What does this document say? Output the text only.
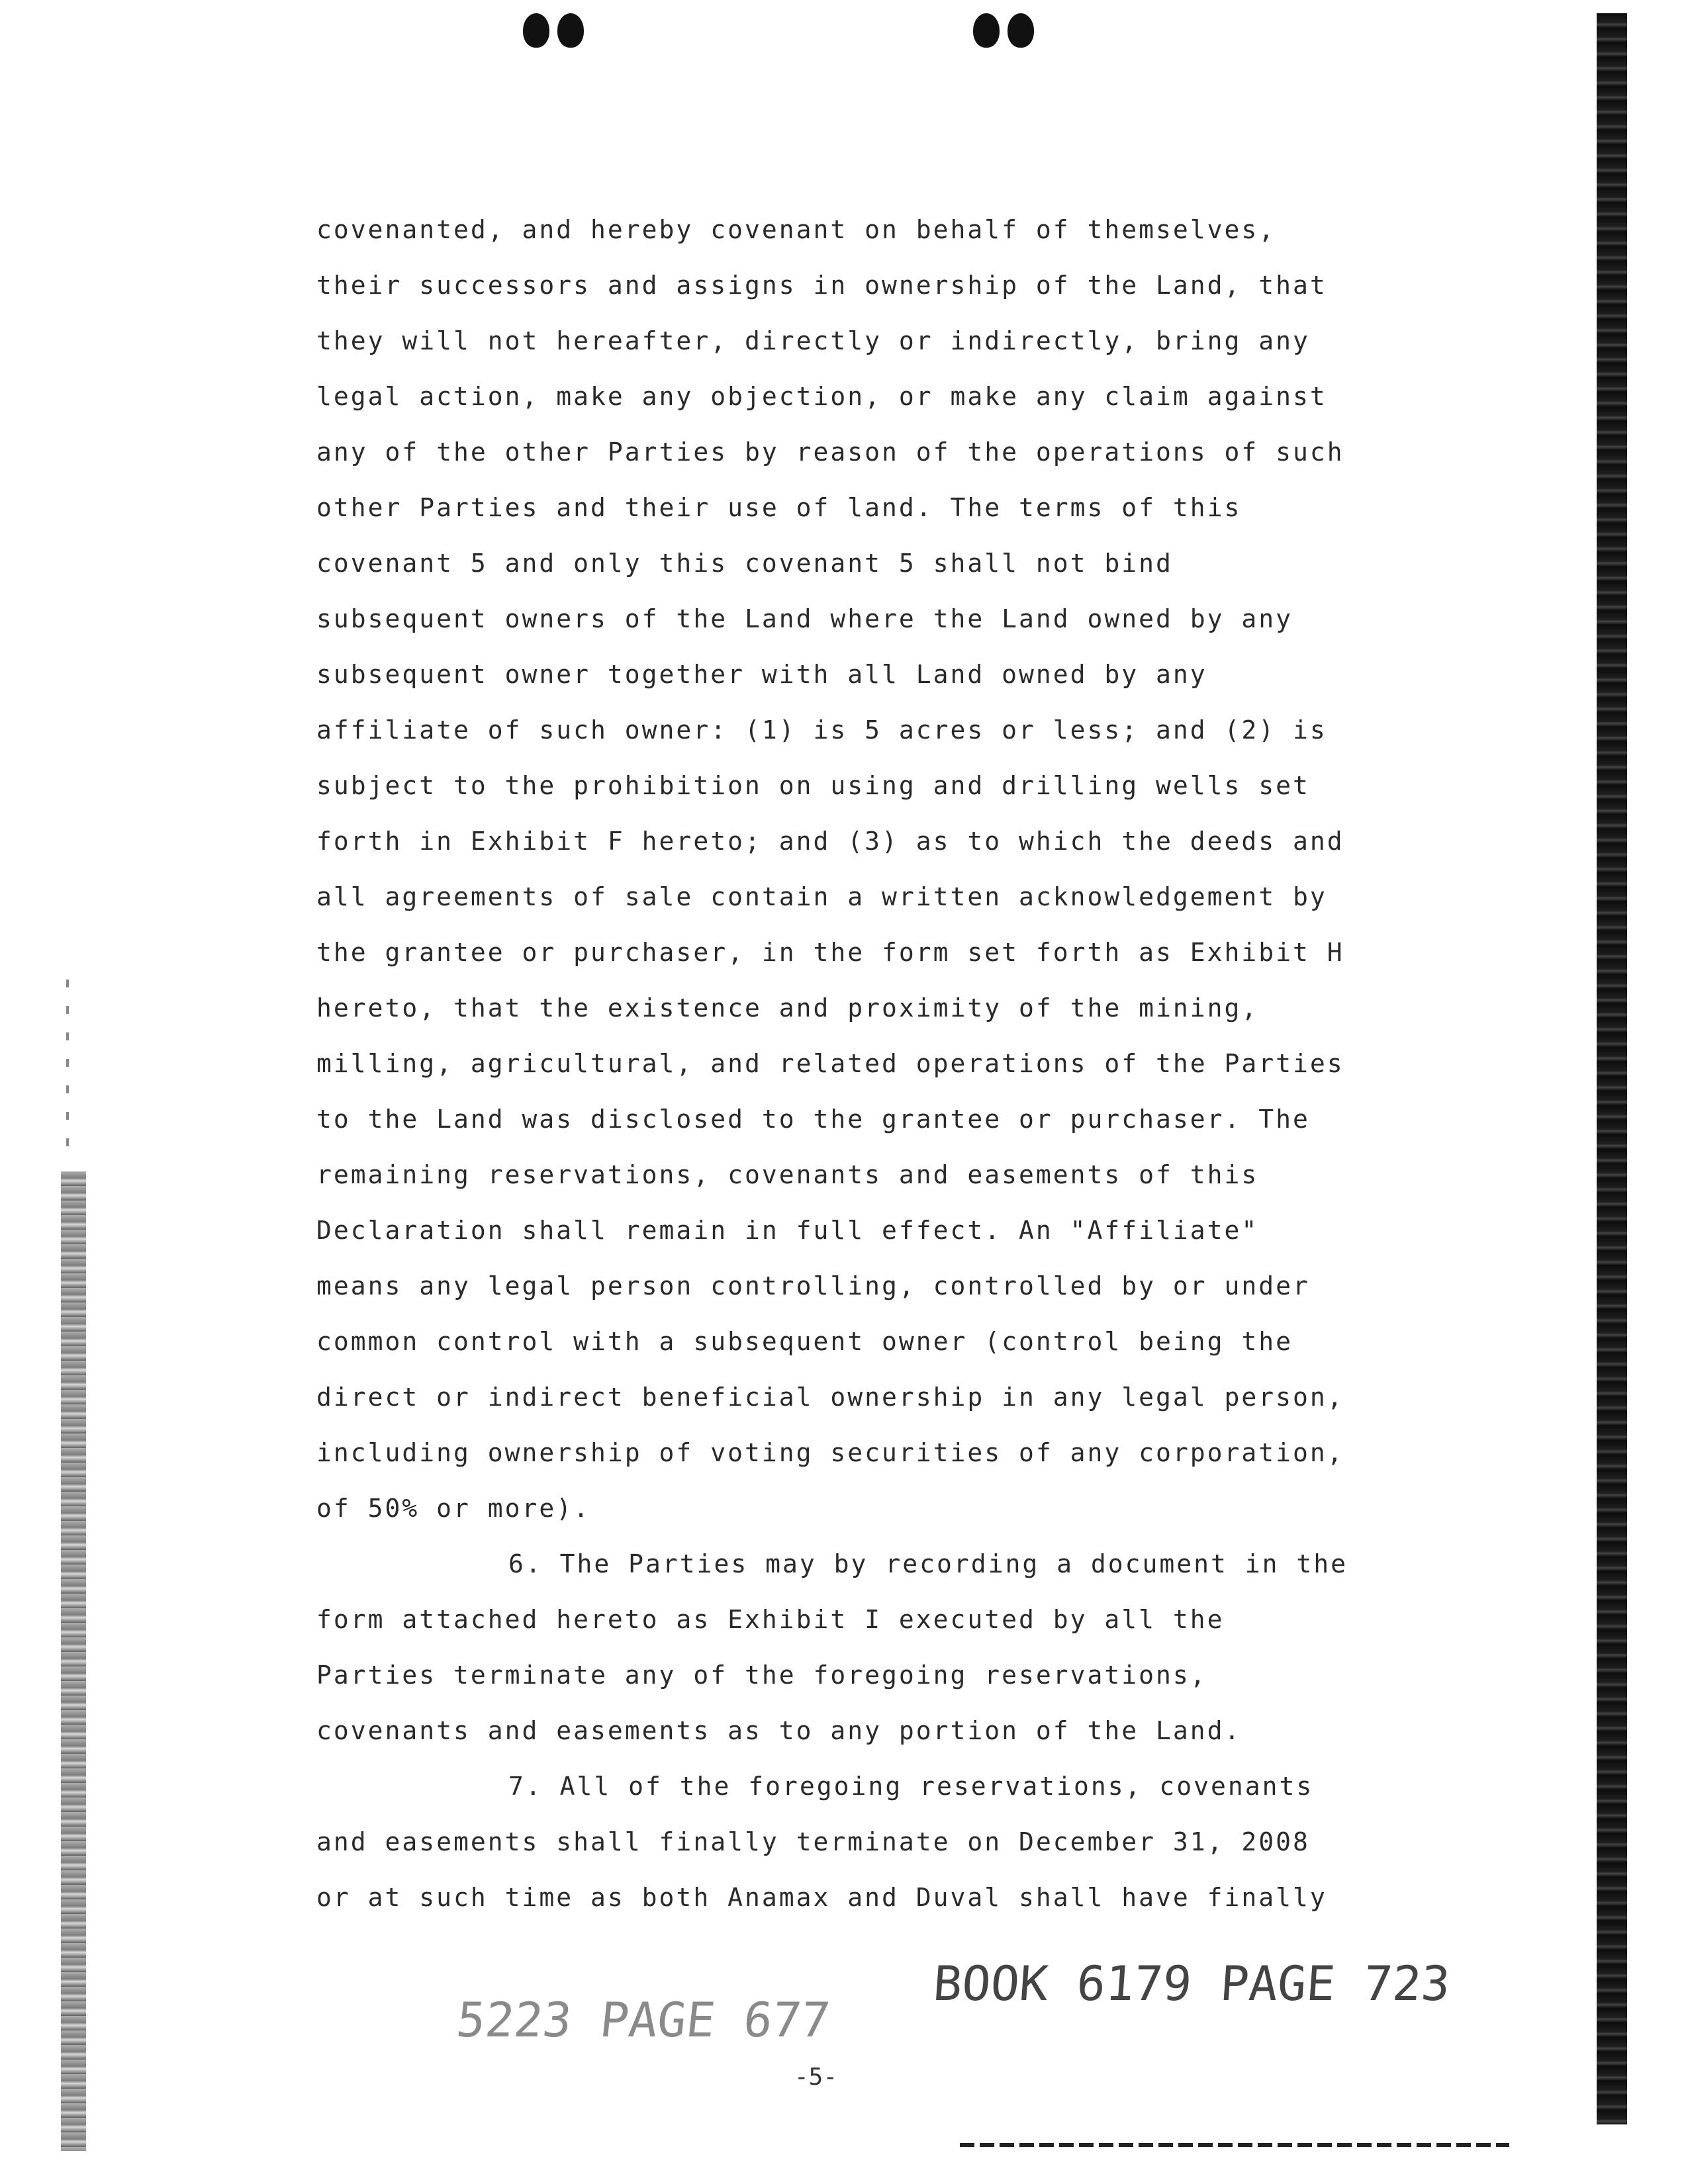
covenanted, and hereby covenant on behalf of themselves,
their successors and assigns in ownership of the Land, that
they will not hereafter, directly or indirectly, bring any
legal action, make any objection, or make any claim against
any of the other Parties by reason of the operations of such
other Parties and their use of land. The terms of this
covenant 5 and only this covenant 5 shall not bind
subsequent owners of the Land where the Land owned by any
subsequent owner together with all Land owned by any
affiliate of such owner: (1) is 5 acres or less; and (2) is
subject to the prohibition on using and drilling wells set
forth in Exhibit F hereto; and (3) as to which the deeds and
all agreements of sale contain a written acknowledgement by
the grantee or purchaser, in the form set forth as Exhibit H
hereto, that the existence and proximity of the mining,
milling, agricultural, and related operations of the Parties
to the Land was disclosed to the grantee or purchaser. The
remaining reservations, covenants and easements of this
Declaration shall remain in full effect. An "Affiliate"
means any legal person controlling, controlled by or under
common control with a subsequent owner (control being the
direct or indirect beneficial ownership in any legal person,
including ownership of voting securities of any corporation,
of 50% or more).
6. The Parties may by recording a document in the
form attached hereto as Exhibit I executed by all the
Parties terminate any of the foregoing reservations,
covenants and easements as to any portion of the Land.
7. All of the foregoing reservations, covenants
and easements shall finally terminate on December 31, 2008
or at such time as both Anamax and Duval shall have finally
5223 PAGE 677
BOOK 6179 PAGE 723
-5-
